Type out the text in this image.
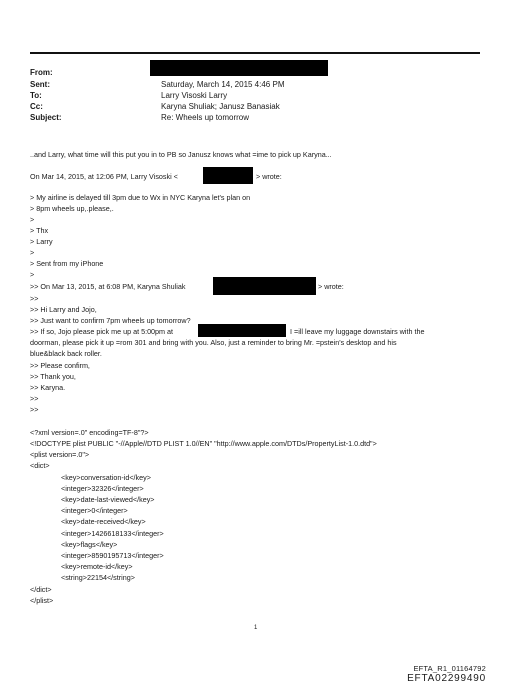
From:
Sent:	Saturday, March 14, 2015 4:46 PM
To:	Larry Visoski Larry
Cc:	Karyna Shuliak; Janusz Banasiak
Subject:	Re: Wheels up tomorrow
..and Larry, what time will this put you in to PB so Janusz knows what =ime to pick up Karyna...
On Mar 14, 2015, at 12:06 PM, Larry Visoski <	> wrote:
> My airline is delayed till 3pm due to Wx in NYC Karyna let's plan on
> 8pm wheels up,.please,.
>
> Thx
> Larry
>
> Sent from my iPhone
>
>> On Mar 13, 2015, at 6:08 PM, Karyna Shuliak	> wrote:
>>
>> Hi Larry and Jojo,
>> Just want to confirm 7pm wheels up tomorrow?
>> If so, Jojo please pick me up at 5:00pm at	I =ill leave my luggage downstairs with the
doorman, please pick it up =rom 301 and bring with you. Also, just a reminder to bring Mr. =pstein's desktop and his
blue&black back roller.
>> Please confirm,
>> Thank you,
>> Karyna.
>>
>>
<?xml version=.0" encoding=TF-8"?>
<!DOCTYPE plist PUBLIC "-//Apple//DTD PLIST 1.0//EN" "http://www.apple.com/DTDs/PropertyList-1.0.dtd">
<plist version=.0">
<dict>
<key>conversation-id</key>
<integer>32326</integer>
<key>date-last-viewed</key>
<integer>0</integer>
<key>date-received</key>
<integer>1426618133</integer>
<key>flags</key>
<integer>8590195713</integer>
<key>remote-id</key>
<string>22154</string>
</dict>
</plist>
1
EFTA_R1_01164792
EFTA02299490
